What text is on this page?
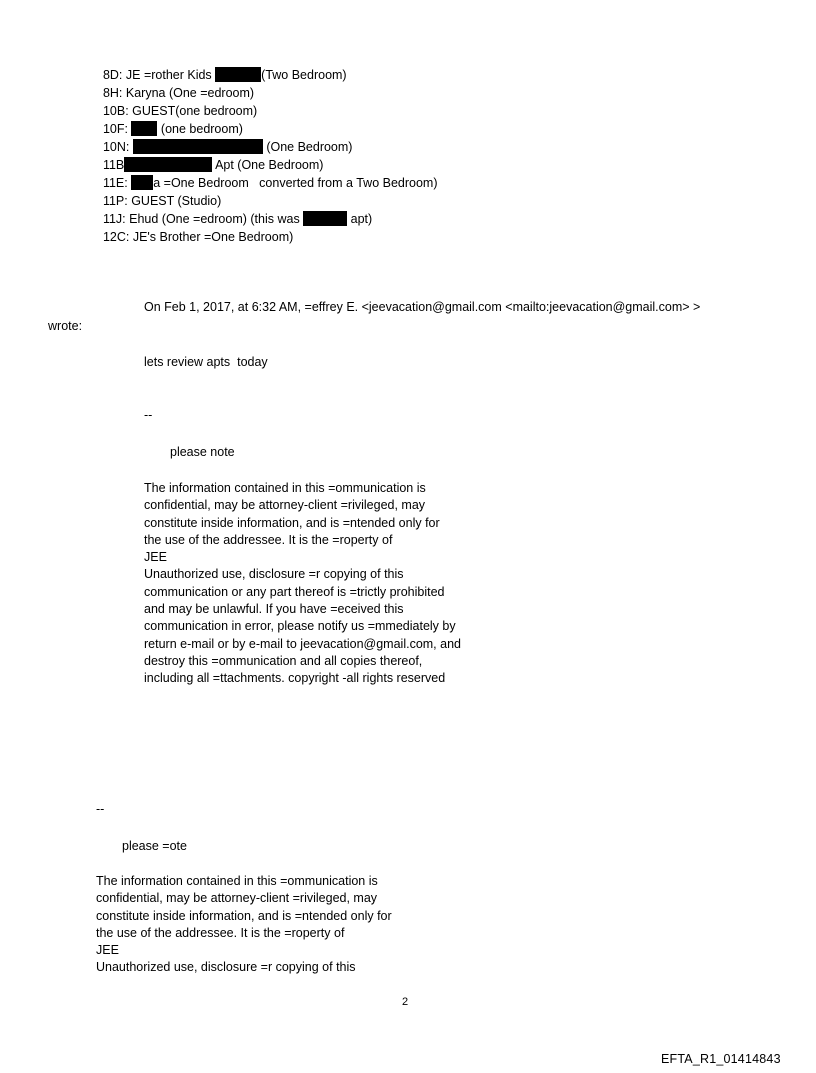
8D: JE =rother Kids	(Two Bedroom)

8H: Karyna (One =edroom)

10B: GUEST(one bedroom)

10F:  (one bedroom)

10N:	(One Bedroom)

11B	Apt (One Bedroom)

11E: a =One Bedroom   converted from a Two Bedroom)

11P: GUEST (Studio)

11J: Ehud (One =edroom) (this was	apt)

12C: JE's Brother =One Bedroom)

On Feb 1, 2017, at 6:32 AM, =effrey E. <jeevacation@gmail.com <mailto:jeevacation@gmail.com> >
wrote:
lets review apts  today
--
please note
The information contained in this =ommunication is
confidential, may be attorney-client =rivileged, may
constitute inside information, and is =ntended only for
the use of the addressee. It is the =roperty of
JEE
Unauthorized use, disclosure =r copying of this
communication or any part thereof is =trictly prohibited
and may be unlawful. If you have =eceived this
communication in error, please notify us =mmediately by
return e-mail or by e-mail to jeevacation@gmail.com, and
destroy this =ommunication and all copies thereof,
including all =ttachments. copyright -all rights reserved
--
please =ote
The information contained in this =ommunication is
confidential, may be attorney-client =rivileged, may
constitute inside information, and is =ntended only for
the use of the addressee. It is the =roperty of
JEE
Unauthorized use, disclosure =r copying of this
2
EFTA_R1_01414843
